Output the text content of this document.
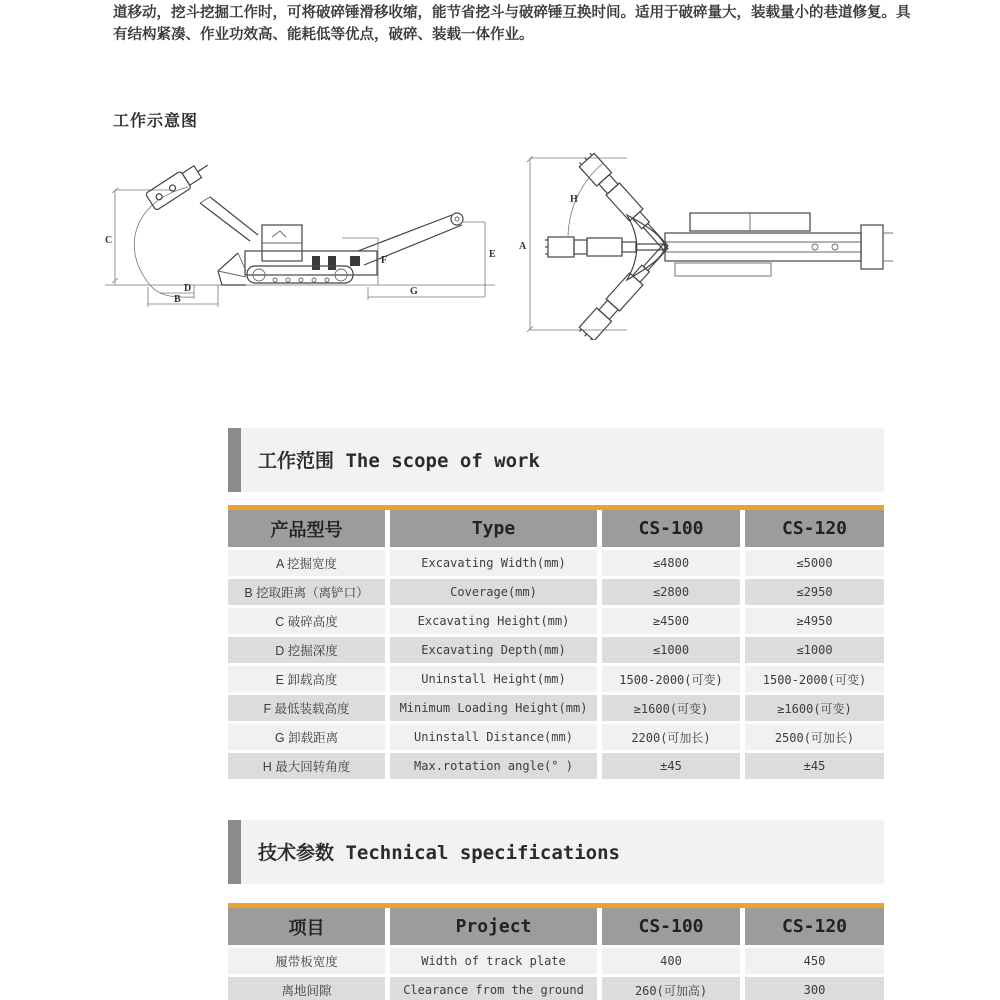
道移动，挖斗挖掘工作时，可将破碎锤滑移收缩，能节省挖斗与破碎锤互换时间。适用于破碎量大，装载量小的巷道修复。具
有结构紧凑、作业功效高、能耗低等优点，破碎、装载一体作业。
工作示意图
C
D
B
F
G
E
A
H
工作范围 The scope of work
产品型号	Type	CS-100	CS-120
A 挖掘宽度	Excavating Width(mm)	≤4800	≤5000
B 挖取距离（离铲口）	Coverage(mm)	≤2800	≤2950
C 破碎高度	Excavating Height(mm)	≥4500	≥4950
D 挖掘深度	Excavating Depth(mm)	≤1000	≤1000
E 卸载高度	Uninstall Height(mm)	1500-2000(可变)	1500-2000(可变)
F 最低装载高度	Minimum Loading Height(mm)	≥1600(可变)	≥1600(可变)
G 卸载距离	Uninstall Distance(mm)	2200(可加长)	2500(可加长)
H 最大回转角度	Max.rotation angle(° )	±45	±45
技术参数 Technical specifications
项目	Project	CS-100	CS-120
履带板宽度	Width of track plate	400	450
离地间隙	Clearance from the ground	260(可加高)	300
